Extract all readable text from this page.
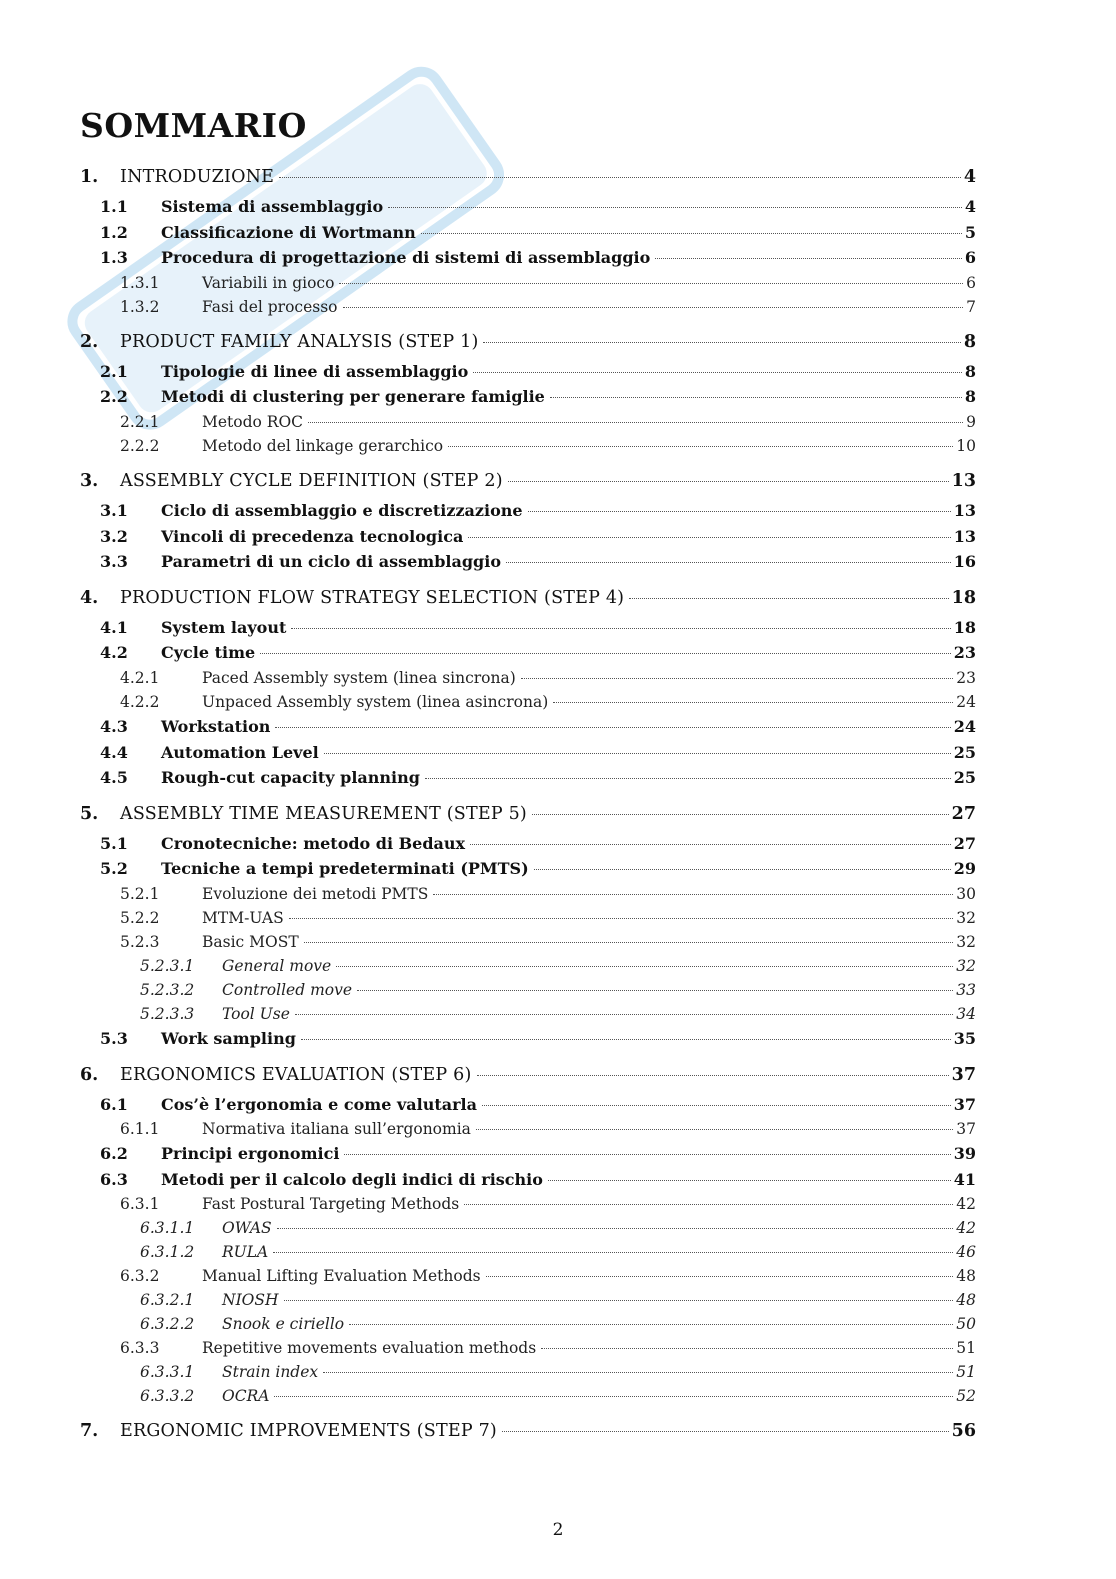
SOMMARIO
1.	INTRODUZIONE	4
1.1	Sistema di assemblaggio	4
1.2	Classificazione di Wortmann	5
1.3	Procedura di progettazione di sistemi di assemblaggio	6
1.3.1	Variabili in gioco	6
1.3.2	Fasi del processo	7
2.	PRODUCT FAMILY ANALYSIS (STEP 1)	8
2.1	Tipologie di linee di assemblaggio	8
2.2	Metodi di clustering per generare famiglie	8
2.2.1	Metodo ROC	9
2.2.2	Metodo del linkage gerarchico	10
3.	ASSEMBLY CYCLE DEFINITION (STEP 2)	13
3.1	Ciclo di assemblaggio e discretizzazione	13
3.2	Vincoli di precedenza tecnologica	13
3.3	Parametri di un ciclo di assemblaggio	16
4.	PRODUCTION FLOW STRATEGY SELECTION (STEP 4)	18
4.1	System layout	18
4.2	Cycle time	23
4.2.1	Paced Assembly system (linea sincrona)	23
4.2.2	Unpaced Assembly system (linea asincrona)	24
4.3	Workstation	24
4.4	Automation Level	25
4.5	Rough-cut capacity planning	25
5.	ASSEMBLY TIME MEASUREMENT (STEP 5)	27
5.1	Cronotecniche: metodo di Bedaux	27
5.2	Tecniche a tempi predeterminati (PMTS)	29
5.2.1	Evoluzione dei metodi PMTS	30
5.2.2	MTM-UAS	32
5.2.3	Basic MOST	32
5.2.3.1	General move	32
5.2.3.2	Controlled move	33
5.2.3.3	Tool Use	34
5.3	Work sampling	35
6.	ERGONOMICS EVALUATION (STEP 6)	37
6.1	Cos’è l’ergonomia e come valutarla	37
6.1.1	Normativa italiana sull’ergonomia	37
6.2	Principi ergonomici	39
6.3	Metodi per il calcolo degli indici di rischio	41
6.3.1	Fast Postural Targeting Methods	42
6.3.1.1	OWAS	42
6.3.1.2	RULA	46
6.3.2	Manual Lifting Evaluation Methods	48
6.3.2.1	NIOSH	48
6.3.2.2	Snook e ciriello	50
6.3.3	Repetitive movements evaluation methods	51
6.3.3.1	Strain index	51
6.3.3.2	OCRA	52
7.	ERGONOMIC IMPROVEMENTS (STEP 7)	56
2
